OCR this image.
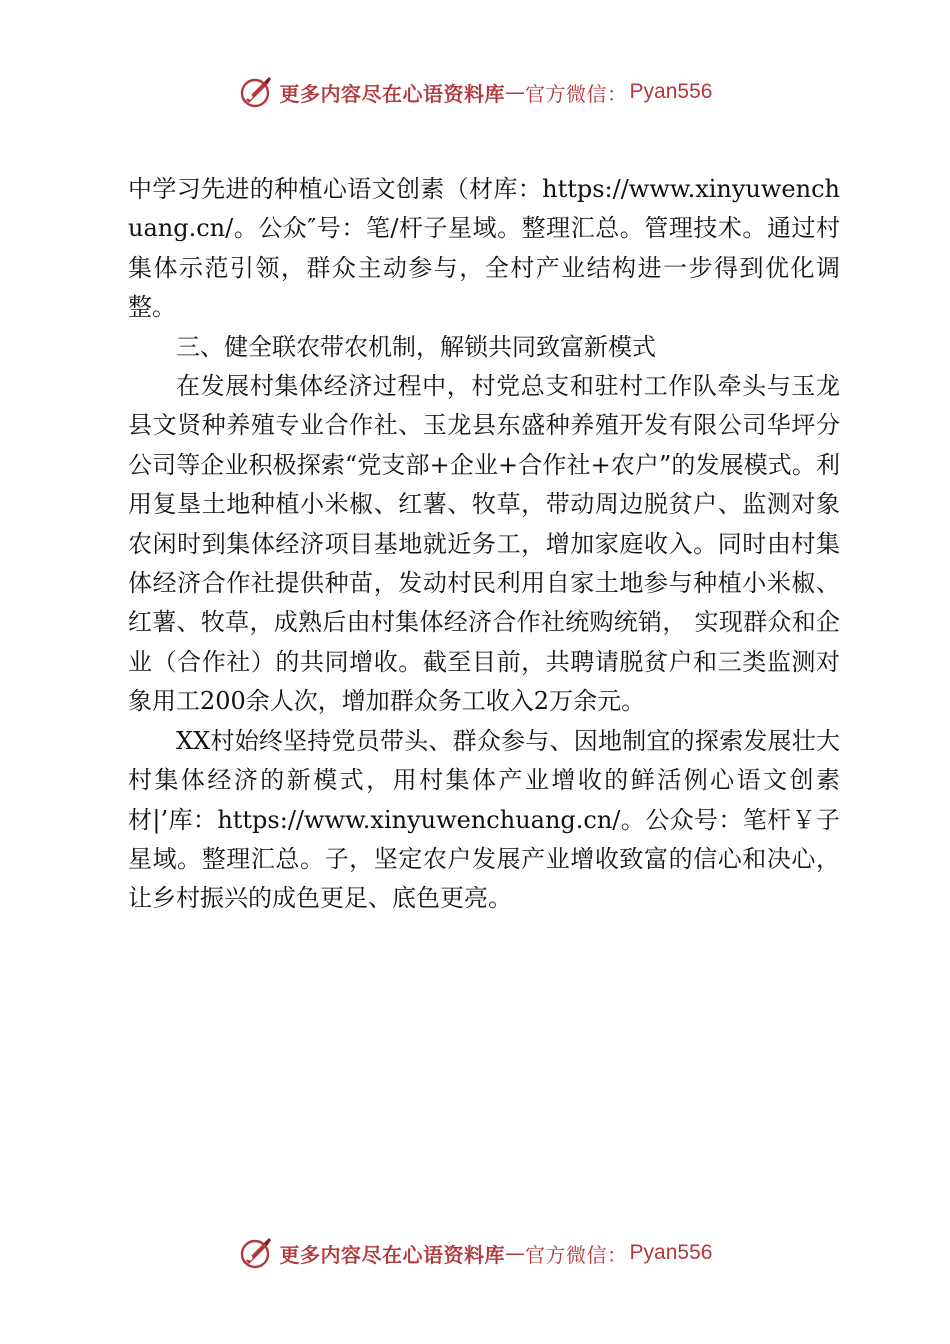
更多内容尽在心语资料库 — 官方微信： Pyan556

中学习先进的种植心语文创素（材库：https://www.xinyuwenchuang.cn/。公众″号：笔/杆子星域。整理汇总。管理技术。通过村集体示范引领，群众主动参与，全村产业结构进一步得到优化调整。

三、健全联农带农机制，解锁共同致富新模式

在发展村集体经济过程中，村党总支和驻村工作队牵头与玉龙县文贤种养殖专业合作社、玉龙县东盛种养殖开发有限公司华坪分公司等企业积极探索“党支部+企业+合作社+农户”的发展模式。利用复垦土地种植小米椒、红薯、牧草，带动周边脱贫户、监测对象农闲时到集体经济项目基地就近务工，增加家庭收入。同时由村集体经济合作社提供种苗，发动村民利用自家土地参与种植小米椒、红薯、牧草，成熟后由村集体经济合作社统购统销， 实现群众和企业（合作社）的共同增收。截至目前，共聘请脱贫户和三类监测对象用工200余人次，增加群众务工收入2万余元。

XX村始终坚持党员带头、群众参与、因地制宜的探索发展壮大村集体经济的新模式，用村集体产业增收的鲜活例心语文创素材|’库：https://www.xinyuwenchuang.cn/。公众号：笔杆￥子星域。整理汇总。子，坚定农户发展产业增收致富的信心和决心，让乡村振兴的成色更足、底色更亮。

更多内容尽在心语资料库 — 官方微信： Pyan556
